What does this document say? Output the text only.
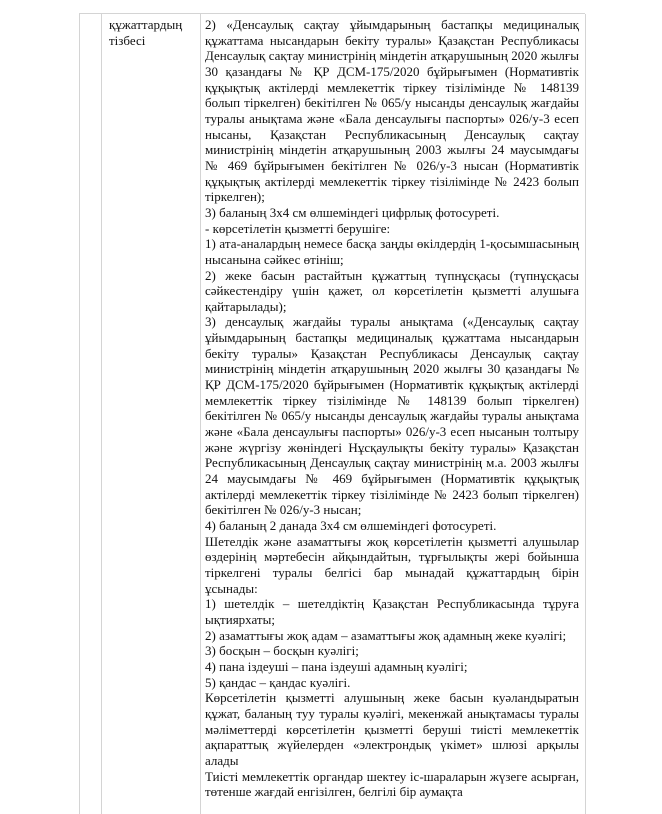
құжаттардың тізбесі

2) «Денсаулық сақтау ұйымдарының бастапқы медициналық құжаттама нысандарын бекіту туралы» Қазақстан Республикасы Денсаулық сақтау министрінің міндетін атқарушының 2020 жылғы 30 қазандағы № ҚР ДСМ-175/2020 бұйрығымен (Нормативтік құқықтық актілерді мемлекеттік тіркеу тізілімінде № 148139 болып тіркелген) бекітілген № 065/у нысанды денсаулық жағдайы туралы анықтама және «Бала денсаулығы паспорты» 026/у-3 есеп нысаны, Қазақстан Республикасының Денсаулық сақтау министрінің міндетін атқарушының 2003 жылғы 24 маусымдағы № 469 бұйрығымен бекітілген № 026/у-3 нысан (Нормативтік құқықтық актілерді мемлекеттік тіркеу тізілімінде № 2423 болып тіркелген);

3) баланың 3х4 см өлшеміндегі цифрлық фотосуреті.

- көрсетілетін қызметті берушіге:

1) ата-аналардың немесе басқа заңды өкілдердің 1-қосымшасының нысанына сәйкес өтініш;

2) жеке басын растайтын құжаттың түпнұсқасы (түпнұсқасы сәйкестендіру үшін қажет, ол көрсетілетін қызметті алушыға қайтарылады);

3) денсаулық жағдайы туралы анықтама («Денсаулық сақтау ұйымдарының бастапқы медициналық құжаттама нысандарын бекіту туралы» Қазақстан Республикасы Денсаулық сақтау министрінің міндетін атқарушының 2020 жылғы 30 қазандағы № ҚР ДСМ-175/2020 бұйрығымен (Нормативтік құқықтық актілерді мемлекеттік тіркеу тізілімінде № 148139 болып тіркелген) бекітілген № 065/у нысанды денсаулық жағдайы туралы анықтама және «Бала денсаулығы паспорты» 026/у-3 есеп нысанын толтыру және жүргізу жөніндегі Нұсқаулықты бекіту туралы» Қазақстан Республикасының Денсаулық сақтау министрінің м.а. 2003 жылғы 24 маусымдағы № 469 бұйрығымен (Нормативтік құқықтық актілерді мемлекеттік тіркеу тізілімінде № 2423 болып тіркелген) бекітілген № 026/у-3 нысан;

4) баланың 2 данада 3х4 см өлшеміндегі фотосуреті.

Шетелдік және азаматтығы жоқ көрсетілетін қызметті алушылар өздерінің мәртебесін айқындайтын, тұрғылықты жері бойынша тіркелгені туралы белгісі бар мынадай құжаттардың бірін ұсынады:

1) шетелдік – шетелдіктің Қазақстан Республикасында тұруға ықтиярхаты;

2) азаматтығы жоқ адам – азаматтығы жоқ адамның жеке куәлігі;

3) босқын – босқын куәлігі;

4) пана іздеуші – пана іздеуші адамның куәлігі;

5) қандас – қандас куәлігі.

Көрсетілетін қызметті алушының жеке басын куәландыратын құжат, баланың туу туралы куәлігі, мекенжай анықтамасы туралы мәліметтерді көрсетілетін қызметті беруші тиісті мемлекеттік ақпараттық жүйелерден «электрондық үкімет» шлюзі арқылы алады

Тиісті мемлекеттік органдар шектеу іс-шараларын жүзеге асырған, төтенше жағдай енгізілген, белгілі бір аумақта
